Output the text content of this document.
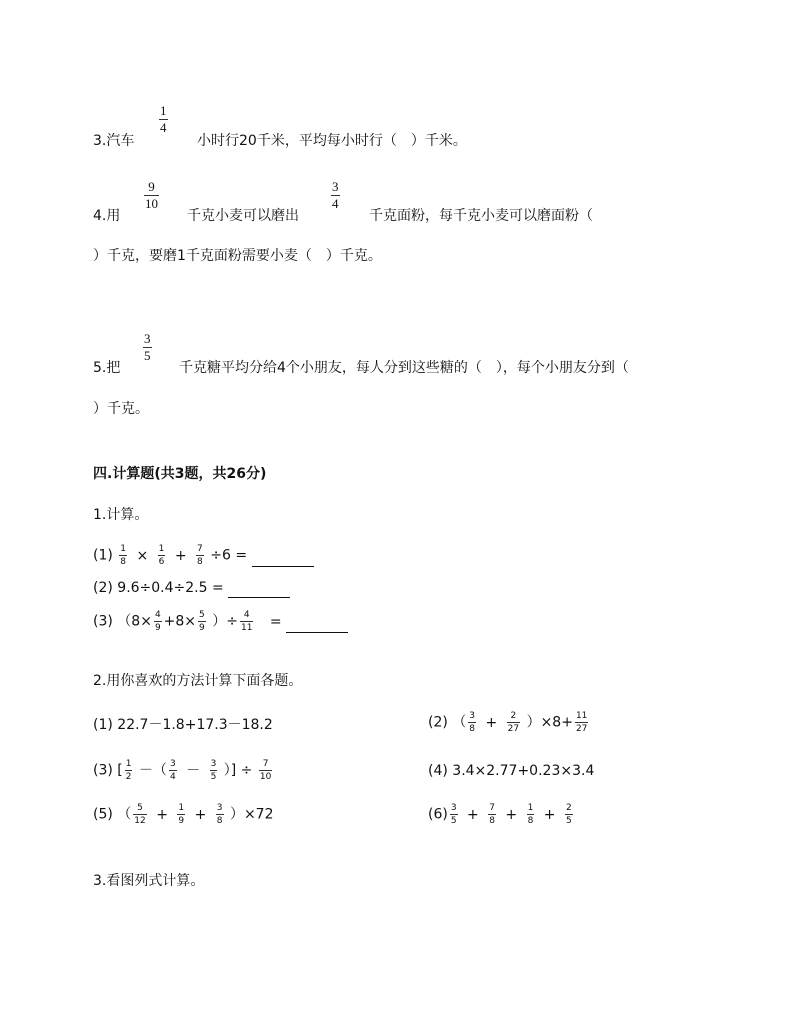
3.汽车
1
4
小时行20千米，平均每小时行（　）千米。
4.用
9
10
千克小麦可以磨出
3
4
千克面粉，每千克小麦可以磨面粉（
）千克，要磨1千克面粉需要小麦（　）千克。
5.把
3
5
千克糖平均分给4个小朋友，每人分到这些糖的（　），每个小朋友分到（
）千克。
四.计算题(共3题，共26分)
1.计算。
$(1) \frac{1}{8} \times \frac{1}{6} + \frac{7}{8} \div 6$ =
(2) 9.6÷0.4÷2.5 =
(3) （$8\times \frac{4}{9} +8\times \frac{5}{9}$ ）÷ $\frac{4}{11}$ =
2.用你喜欢的方法计算下面各题。
(1) 22.7－1.8+17.3－18.2	(2) （ $\frac{3}{8} + \frac{2}{27} )\times 8+ \frac{11}{27}$
(3) [ $\frac{1}{2}$ －（ $\frac{3}{4} - \frac{3}{5}$ ）] ÷ $\frac{7}{10}$	(4) 3.4×2.77+0.23×3.4
(5) （ $\frac{5}{12} + \frac{1}{9} + \frac{3}{8} )\times 72$	$(6) \frac{3}{5} + \frac{7}{8} + \frac{1}{8} + \frac{2}{5}$
3.看图列式计算。
